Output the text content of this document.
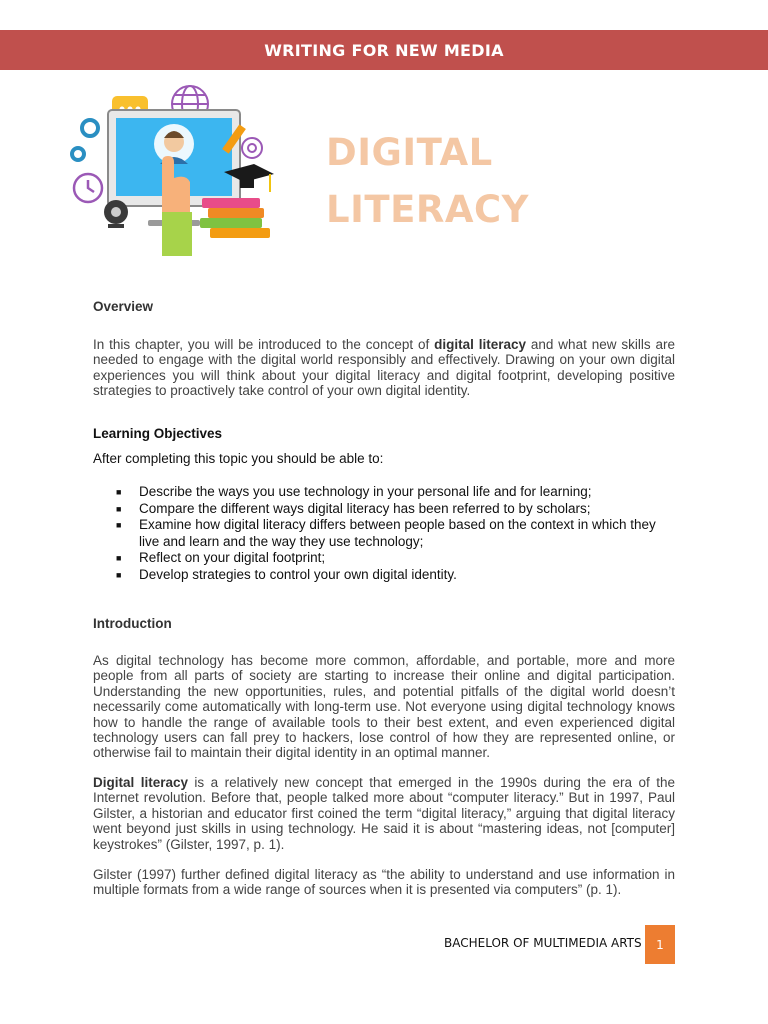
WRITING FOR NEW MEDIA
DIGITAL
LITERACY
Overview

In this chapter, you will be introduced to the concept of digital literacy and what new skills are needed to engage with the digital world responsibly and effectively. Drawing on your own digital experiences you will think about your digital literacy and digital footprint, developing positive strategies to proactively take control of your own digital identity.

Learning Objectives

After completing this topic you should be able to:

■ Describe the ways you use technology in your personal life and for learning;
■ Compare the different ways digital literacy has been referred to by scholars;
■ Examine how digital literacy differs between people based on the context in which they live and learn and the way they use technology;
■ Reflect on your digital footprint;
■ Develop strategies to control your own digital identity.
Introduction

As digital technology has become more common, affordable, and portable, more and more people from all parts of society are starting to increase their online and digital participation. Understanding the new opportunities, rules, and potential pitfalls of the digital world doesn’t necessarily come automatically with long-term use. Not everyone using digital technology knows how to handle the range of available tools to their best extent, and even experienced digital technology users can fall prey to hackers, lose control of how they are represented online, or otherwise fail to maintain their digital identity in an optimal manner.

Digital literacy is a relatively new concept that emerged in the 1990s during the era of the Internet revolution. Before that, people talked more about “computer literacy.” But in 1997, Paul Gilster, a historian and educator first coined the term “digital literacy,” arguing that digital literacy went beyond just skills in using technology. He said it is about “mastering ideas, not [computer] keystrokes” (Gilster, 1997, p. 1).

Gilster (1997) further defined digital literacy as “the ability to understand and use information in multiple formats from a wide range of sources when it is presented via computers” (p. 1).

BACHELOR OF MULTIMEDIA ARTS 1
